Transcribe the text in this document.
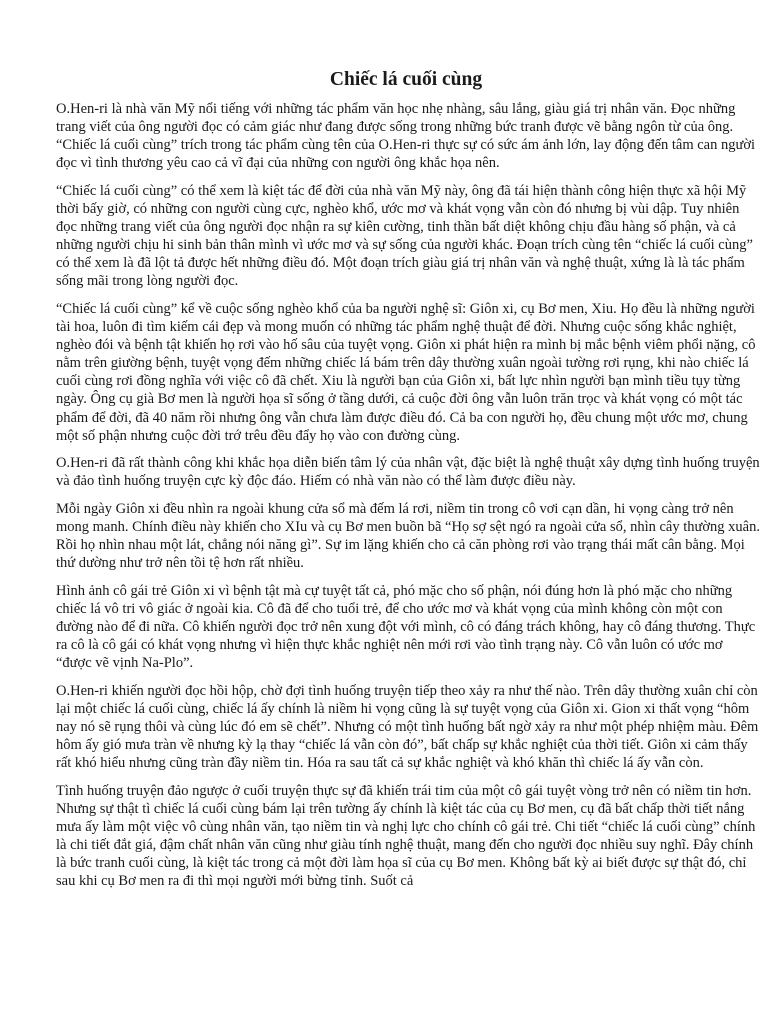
Chiếc lá cuối cùng

O.Hen-ri là nhà văn Mỹ nổi tiếng với những tác phẩm văn học nhẹ nhàng, sâu lắng, giàu giá trị nhân văn. Đọc những trang viết của ông người đọc có cảm giác như đang được sống trong những bức tranh được vẽ bằng ngôn từ của ông. “Chiếc lá cuối cùng” trích trong tác phẩm cùng tên của O.Hen-ri thực sự có sức ám ảnh lớn, lay động đến tâm can người đọc vì tình thương yêu cao cả vĩ đại của những con người ông khắc họa nên.

“Chiếc lá cuối cùng” có thể xem là kiệt tác để đời của nhà văn Mỹ này, ông đã tái hiện thành công hiện thực xã hội Mỹ thời bấy giờ, có những con người cùng cực, nghèo khổ, ước mơ và khát vọng vẫn còn đó nhưng bị vùi dập. Tuy nhiên đọc những trang viết của ông người đọc nhận ra sự kiên cường, tinh thần bất diệt không chịu đầu hàng số phận, và cả những người chịu hi sinh bản thân mình vì ước mơ và sự sống của người khác. Đoạn trích cùng tên “chiếc lá cuối cùng” có thể xem là đã lột tả được hết những điều đó. Một đoạn trích giàu giá trị nhân văn và nghệ thuật, xứng là là tác phẩm sống mãi trong lòng người đọc.

“Chiếc lá cuối cùng” kể về cuộc sống nghèo khổ của ba người nghệ sĩ: Giôn xi, cụ Bơ men, Xiu. Họ đều là những người tài hoa, luôn đi tìm kiếm cái đẹp và mong muốn có những tác phẩm nghệ thuật để đời. Nhưng cuộc sống khắc nghiệt, nghèo đói và bệnh tật khiến họ rơi vào hố sâu của tuyệt vọng. Giôn xi phát hiện ra mình bị mắc bệnh viêm phổi nặng, cô nằm trên giường bệnh, tuyệt vọng đếm những chiếc lá bám trên dây thường xuân ngoài tường rơi rụng, khi nào chiếc lá cuối cùng rơi đồng nghĩa với việc cô đã chết. Xiu là người bạn của Giôn xi, bất lực nhìn người bạn mình tiều tụy từng ngày. Ông cụ già Bơ men là người họa sĩ sống ở tầng dưới, cả cuộc đời ông vẫn luôn trăn trọc và khát vọng có một tác phẩm để đời, đã 40 năm rồi nhưng ông vẫn chưa làm được điều đó. Cả ba con người họ, đều chung một ước mơ, chung một số phận nhưng cuộc đời trớ trêu đều đẩy họ vào con đường cùng.

O.Hen-ri đã rất thành công khi khắc họa diễn biến tâm lý của nhân vật, đặc biệt là nghệ thuật xây dựng tình huống truyện và đảo tình huống truyện cực kỳ độc đáo. Hiếm có nhà văn nào có thể làm được điều này.

Mỗi ngày Giôn xi đều nhìn ra ngoài khung cửa sổ mà đếm lá rơi, niềm tin trong cô vơi cạn dần, hi vọng càng trở nên mong manh. Chính điều này khiến cho XIu và cụ Bơ men buồn bã “Họ sợ sệt ngó ra ngoài cửa sổ, nhìn cây thường xuân. Rồi họ nhìn nhau một lát, chẳng nói năng gì”. Sự im lặng khiến cho cả căn phòng rơi vào trạng thái mất cân bằng. Mọi thứ dường như trở nên tồi tệ hơn rất nhiều.

Hình ảnh cô gái trẻ Giôn xi vì bệnh tật mà cự tuyệt tất cả, phó mặc cho số phận, nói đúng hơn là phó mặc cho những chiếc lá vô tri vô giác ở ngoài kia. Cô đã để cho tuổi trẻ, để cho ước mơ và khát vọng của mình không còn một con đường nào để đi nữa. Cô khiến người đọc trở nên xung đột với mình, cô có đáng trách không, hay cô đáng thương. Thực ra cô là cô gái có khát vọng nhưng vì hiện thực khắc nghiệt nên mới rơi vào tình trạng này. Cô vẫn luôn có ước mơ “được vẽ vịnh Na-Plo”.

O.Hen-ri khiến người đọc hồi hộp, chờ đợi tình huống truyện tiếp theo xảy ra như thế nào. Trên dây thường xuân chỉ còn lại một chiếc lá cuối cùng, chiếc lá ấy chính là niềm hi vọng cũng là sự tuyệt vọng của Giôn xi. Gion xi thất vọng “hôm nay nó sẽ rụng thôi và cùng lúc đó em sẽ chết”. Nhưng có một tình huống bất ngờ xảy ra như một phép nhiệm màu. Đêm hôm ấy gió mưa tràn về nhưng kỳ lạ thay “chiếc lá vẫn còn đó”, bất chấp sự khắc nghiệt của thời tiết. Giôn xi cảm thấy rất khó hiểu nhưng cũng tràn đầy niềm tin. Hóa ra sau tất cả sự khắc nghiệt và khó khăn thì chiếc lá ấy vẫn còn.

Tình huống truyện đảo ngược ở cuối truyện thực sự đã khiến trái tim của một cô gái tuyệt vòng trở nên có niềm tin hơn. Nhưng sự thật tì chiếc lá cuối cùng bám lại trên tường ấy chính là kiệt tác của cụ Bơ men, cụ đã bất chấp thời tiết nắng mưa ấy làm một việc vô cùng nhân văn, tạo niềm tin và nghị lực cho chính cô gái trẻ. Chi tiết “chiếc lá cuối cùng” chính là chi tiết đắt giá, đậm chất nhân văn cũng như giàu tính nghệ thuật, mang đến cho người đọc nhiều suy nghĩ. Đây chính là bức tranh cuối cùng, là kiệt tác trong cả một đời làm họa sĩ của cụ Bơ men. Không bất kỳ ai biết được sự thật đó, chỉ sau khi cụ Bơ men ra đi thì mọi người mới bừng tỉnh. Suốt cả
